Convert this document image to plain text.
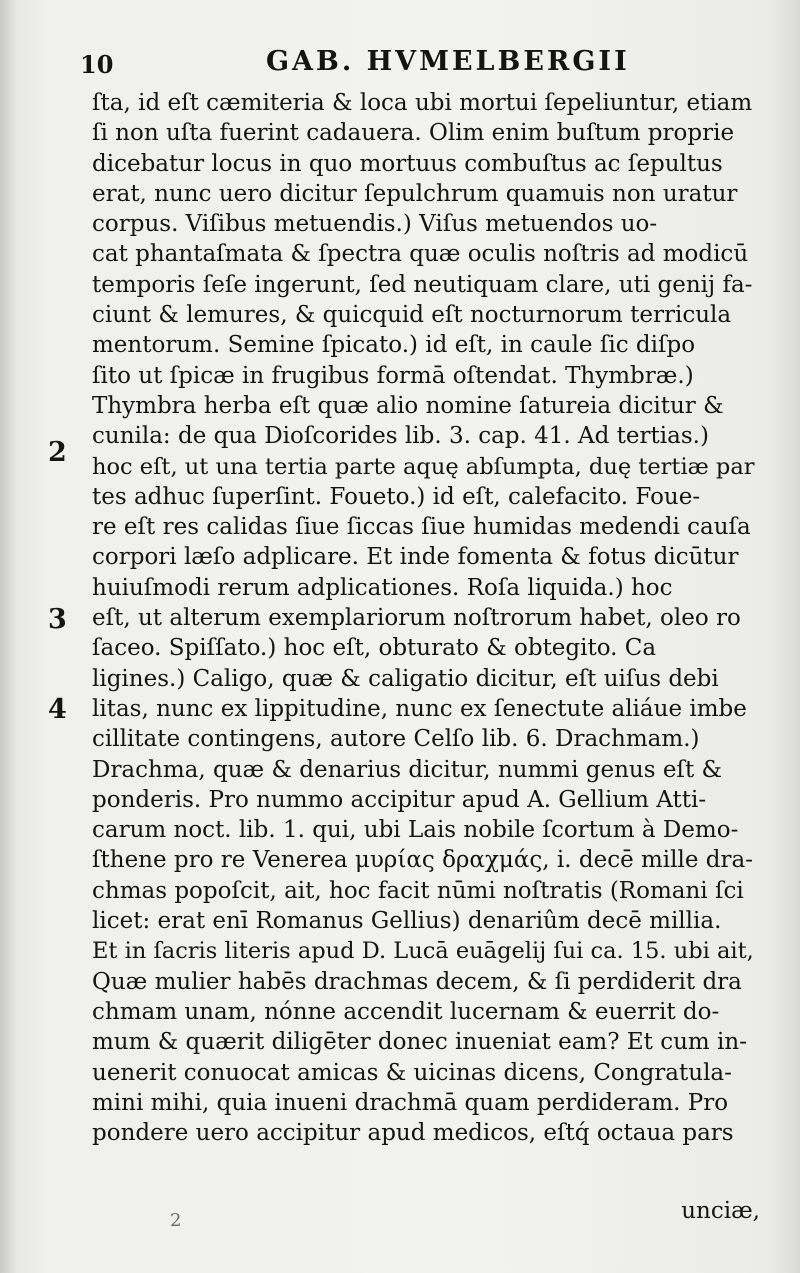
10	GAB. HVMELBERGII
2
3
4
ſta, id eſt cæmiteria & loca ubi mortui ſepeliuntur, etiam
ſi non uſta fuerint cadauera. Olim enim buſtum proprie
dicebatur locus in quo mortuus combuſtus ac ſepultus
erat, nunc uero dicitur ſepulchrum quamuis non uratur
corpus. Viſibus metuendis.) Viſus metuendos uo-
cat phantaſmata & ſpectra quæ oculis noſtris ad modicū
temporis ſeſe ingerunt, ſed neutiquam clare, uti genij fa-
ciunt & lemures, & quicquid eſt nocturnorum terricula
mentorum. Semine ſpicato.) id eſt, in caule ſic diſpo
ſito ut ſpicæ in frugibus formā oſtendat. Thymbræ.)
Thymbra herba eſt quæ alio nomine ſatureia dicitur &
cunila: de qua Dioſcorides lib. 3. cap. 41. Ad tertias.)
hoc eſt, ut una tertia parte aquę abſumpta, duę tertiæ par
tes adhuc ſuperſint. Foueto.) id eſt, calefacito. Foue-
re eſt res calidas ſiue ſiccas ſiue humidas medendi cauſa
corpori læſo adplicare. Et inde fomenta & fotus dicūtur
huiuſmodi rerum adplicationes. Roſa liquida.) hoc
eſt, ut alterum exemplariorum noſtrorum habet, oleo ro
ſaceo. Spiſſato.) hoc eſt, obturato & obtegito. Ca
ligines.) Caligo, quæ & caligatio dicitur, eſt uiſus debi
litas, nunc ex lippitudine, nunc ex ſenectute aliáue imbe
cillitate contingens, autore Celſo lib. 6. Drachmam.)
Drachma, quæ & denarius dicitur, nummi genus eſt &
ponderis. Pro nummo accipitur apud A. Gellium Atti-
carum noct. lib. 1. qui, ubi Lais nobile ſcortum à Demo-
ſthene pro re Venerea μυρίας δραχμάς, i. decē mille dra-
chmas popoſcit, ait, hoc facit nūmi noſtratis (Romani ſci
licet: erat enī Romanus Gellius) denariûm decē millia.
Et in ſacris literis apud D. Lucā euāgelij ſui ca. 15. ubi ait,
Quæ mulier habēs drachmas decem, & ſi perdiderit dra
chmam unam, nónne accendit lucernam & euerrit do-
mum & quærit diligēter donec inueniat eam? Et cum in-
uenerit conuocat amicas & uicinas dicens, Congratula-
mini mihi, quia inueni drachmā quam perdideram. Pro
pondere uero accipitur apud medicos, eſtq́ octaua pars
unciæ,
2
